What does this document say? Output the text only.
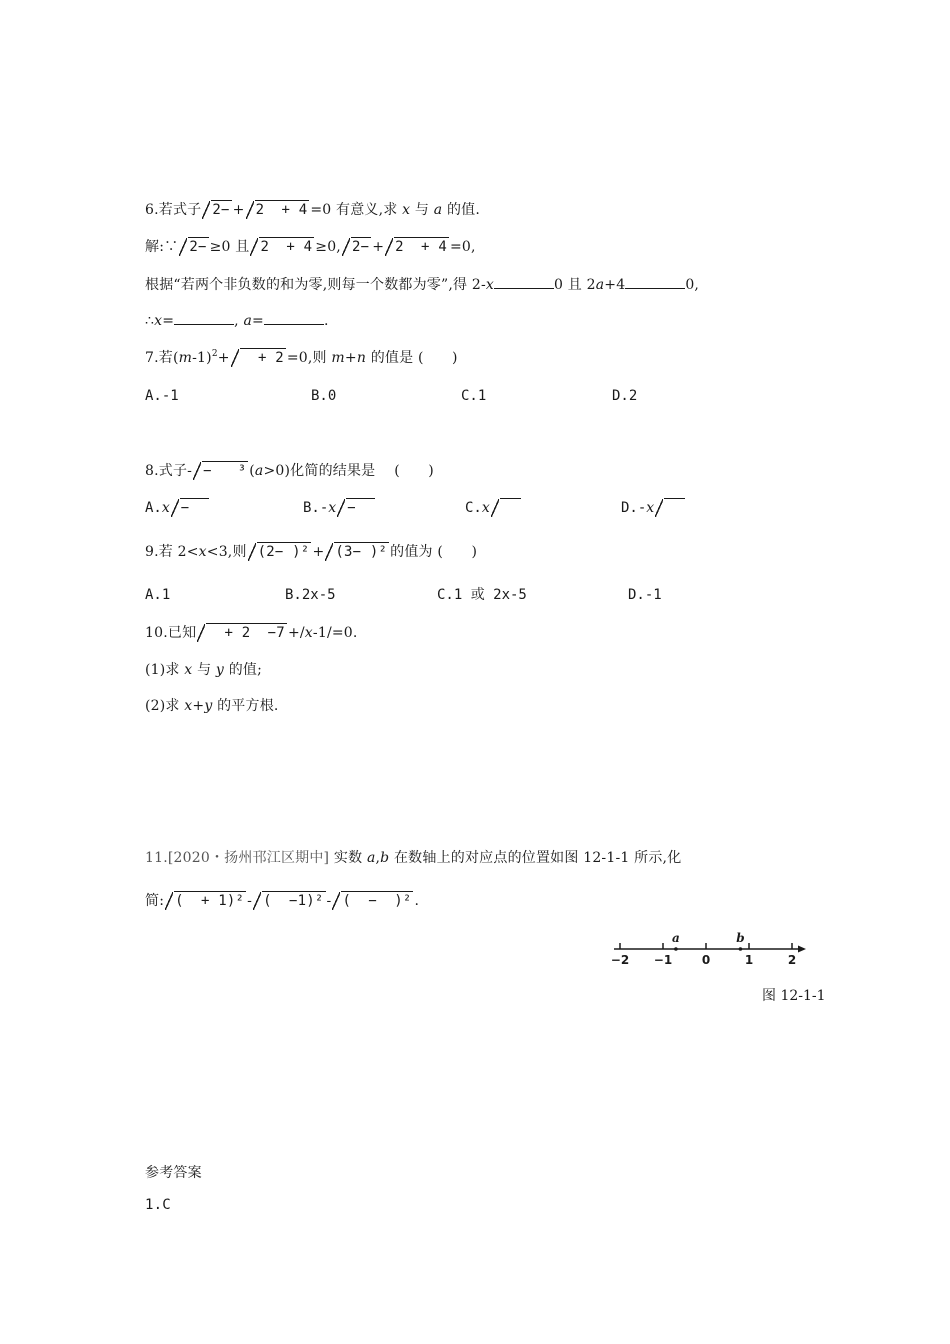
6.若式子 2− + 2  + 4 =0 有意义,求 x 与 a 的值.
解:∵ 2− ≥0 且 2  + 4 ≥0, 2− + 2  + 4 =0,
根据“若两个非负数的和为零,则每一个数都为零”,得 2-x	0 且 2a+4	0,
∴x=	, a=	.
7.若$(m-1)^2+ + 2 =0$,则 m+n 的值是 (　　)
A.-1	B.0	C.1	D.2
8.式子- −   ³ (a>0)化简的结果是　 (　　)
A.x −	B.-x −	C.x	D.-x
9.若 2<x<3,则 (2− )² + (3− )² 的值为 (　　)
A.1	B.2x-5	C.1 或 2x-5	D.-1
10.已知  + 2  −7 +/x-1/=0.
(1)求 x 与 y 的值;
(2)求 x+y 的平方根.
11.[2020・扬州邗江区期中] 实数 a,b 在数轴上的对应点的位置如图 12-1-1 所示,化
简: (  + 1)² - (  −1)² - (  −  )² .
−2 −1 0	1	2
a	b
图 12-1-1
参考答案
1.C
